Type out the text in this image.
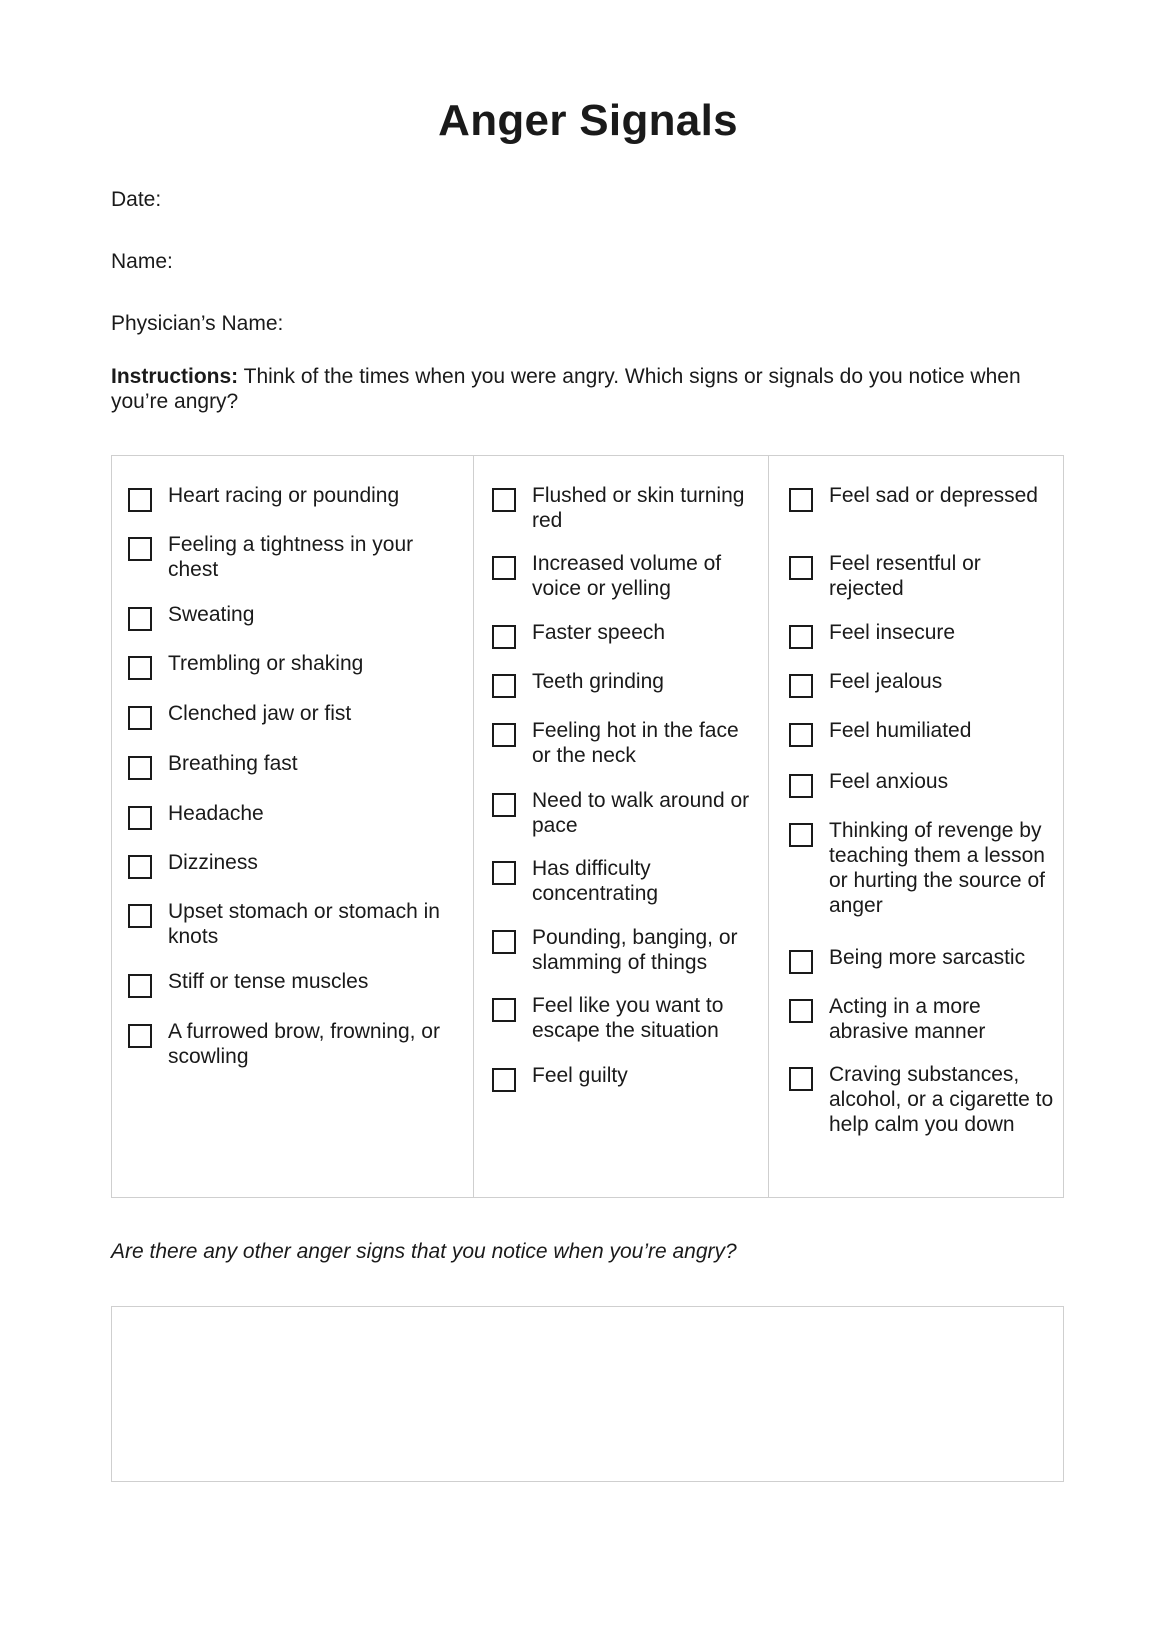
Anger Signals
Date:
Name:
Physician’s Name:
Instructions: Think of the times when you were angry. Which signs or signals do you notice when you’re angry?
Heart racing or pounding
Feeling a tightness in your chest
Sweating
Trembling or shaking
Clenched jaw or fist
Breathing fast
Headache
Dizziness
Upset stomach or stomach in knots
Stiff or tense muscles
A furrowed brow, frowning, or scowling
Flushed or skin turning red
Increased volume of voice or yelling
Faster speech
Teeth grinding
Feeling hot in the face or the neck
Need to walk around or pace
Has difficulty concentrating
Pounding, banging, or slamming of things
Feel like you want to escape the situation
Feel guilty
Feel sad or depressed
Feel resentful or rejected
Feel insecure
Feel jealous
Feel humiliated
Feel anxious
Thinking of revenge by teaching them a lesson or hurting the source of anger
Being more sarcastic
Acting in a more abrasive manner
Craving substances, alcohol, or a cigarette to help calm you down
Are there any other anger signs that you notice when you’re angry?
